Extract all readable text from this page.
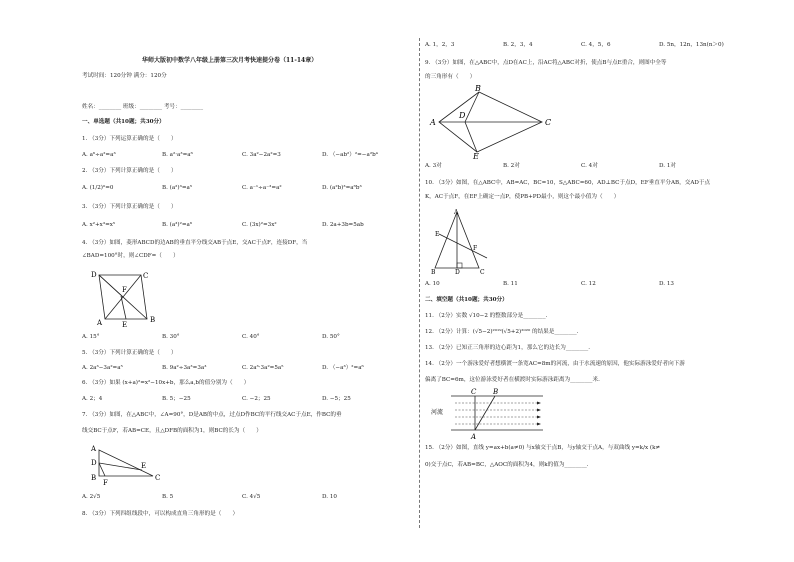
华师大版初中数学八年级上册第三次月考快速提分卷（11-14章）
考试时间：120分钟 满分：120分
姓名：________ 班级：________ 考号：________
一、单选题（共10题；共30分）
1. （3分）下列运算正确的是（　　）
A. a⁶÷a²=a³	B. a²·a³=a⁶	C. 3a²−2a²=3	D. （−ab²）²=−a²b⁴
2. （3分）下列计算正确的是（　　）
A. (1/2)⁰=0	B. (a²)³=a⁵	C. a⁻¹÷a⁻³=a²	D. (a²b)³=a⁶b³
3. （3分）下列计算正确的是（　　）
A. x²+x³=x⁵	B. (a³)²=a⁶	C. (3x)²=3x²	D. 2a+3b=5ab
4. （3分）如图，菱形ABCD的边AB的垂直平分线交AB于点E，交AC于点F，连接DF，当
∠BAD=100°时，则∠CDF=（　　）
D	C
F
A	E
B
A. 15°	B. 30°	C. 40°	D. 50°
5. （3分）下列计算正确的是（　　）
A. 2a³−3a²=a⁵	B. 9a²÷3a³=3a³	C. 2a³·3a²=5a⁵	D. （−a³）²=a⁶
6. （3分）如果 (x+a)²=x²−10x+b，那么a,b的值分别为（　　）
A. 2；4	B. 5；−25	C. −2；25	D. −5；25
7. （3分）如图，在△ABC中，∠A=90°，D是AB的中点，过点D作BC的平行线交AC于点E，作BC的垂
线交BC于点F，若AB=CE，且△DFB的面积为1，则BC的长为（　　）
A
D
B
F
E
C
A. 2√5	B. 5	C. 4√5	D. 10
8. （3分）下列四组线段中，可以构成直角三角形的是（　　）
A. 1，2，3	B. 2，3，4	C. 4，5，6	D. 5n，12n，13n(n＞0)
9. （3分）如图，在△ABC中，点D在AC上，沿AC将△ABC对折，使点B与点E重合，则图中全等
的三角形有（　　）
B
A
D
C
E
A. 3对	B. 2对	C. 4对	D. 1对
10. （3分）如图，在△ABC中，AB=AC，BC=10，S△ABC=60，AD⊥BC于点D，EF垂直平分AB，交AD于点
K，AC于点F，在EF上确定一点P，使PB+PD最小，则这个最小值为（　　）
A
E
F
B	D	C
A. 10	B. 11	C. 12	D. 13
二、填空题（共10题；共30分）
11. （2分）实数 √10−2 的整数部分是________.
12. （2分）计算：(√5−2)²⁰¹⁹(√5+2)²⁰²⁰ 的结果是________.
13. （2分）已知正三角形的边心距为1，那么它的边长为________.
14. （2分）一个游泳爱好者想横渡一条宽AC=8m的河流，由于水流速的原因，他实际游泳爱好者向下游
偏离了BC=6m，这位游泳爱好者在横渡时实际游泳距离为________米.
河流
C B
A
15. （2分）如图，直线 y=ax+b(a≠0) 与x轴交于点B，与y轴交于点A，与双曲线 y=k/x (k≠
0)交于点C，若AB=BC，△AOC的面积为4，则k的值为________.
